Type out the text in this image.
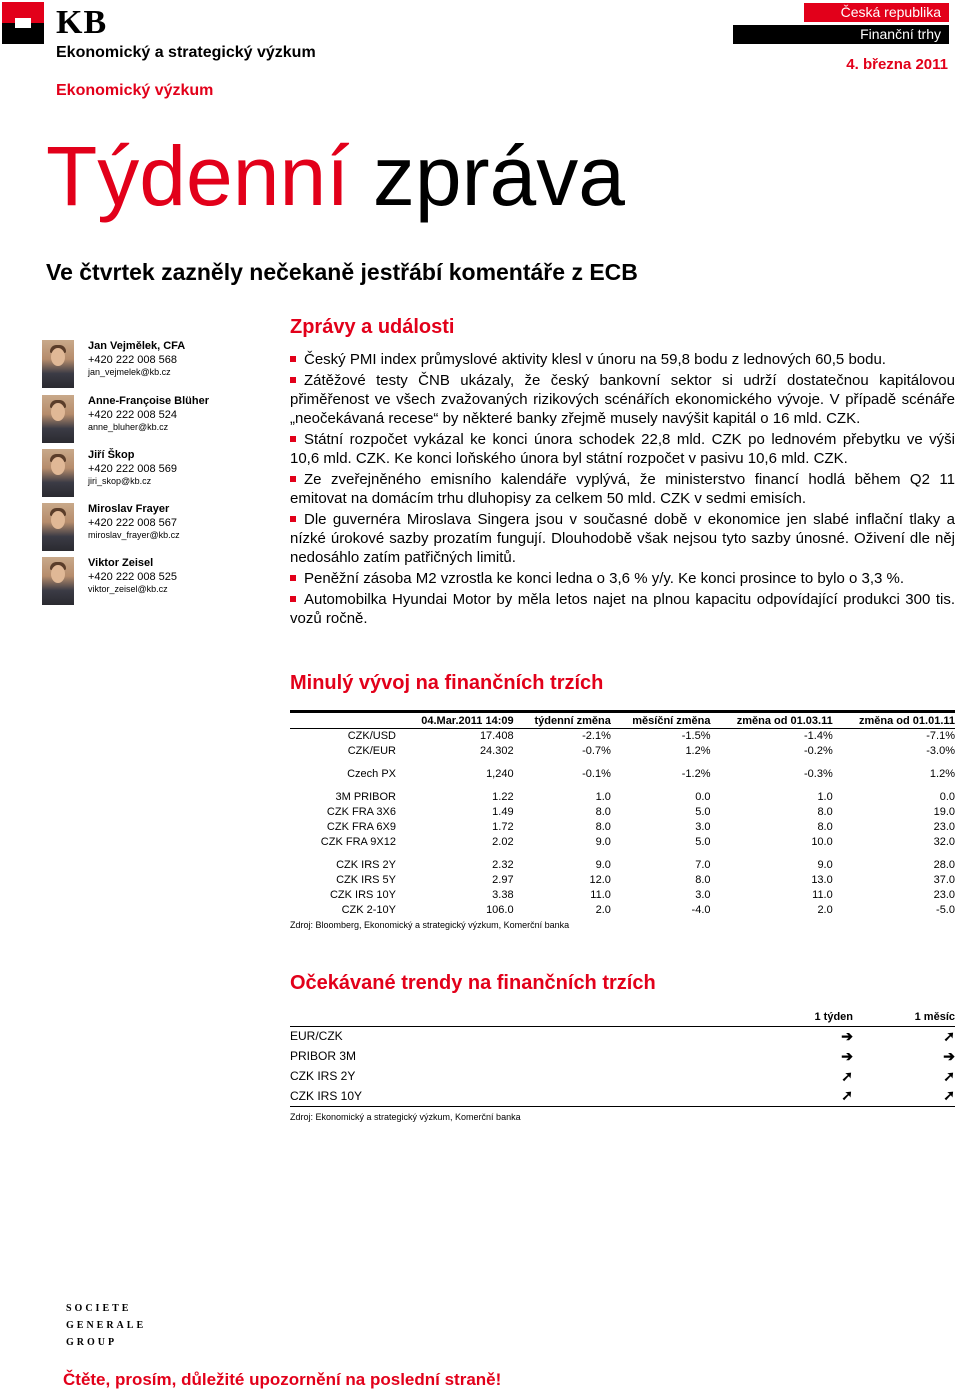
KB
Ekonomický a strategický výzkum
Ekonomický výzkum
Česká republika
Finanční trhy
4. března 2011
Týdenní zpráva
Ve čtvrtek zazněly nečekaně jestřábí komentáře z ECB
Jan Vejmělek, CFA
+420 222 008 568
jan_vejmelek@kb.cz
Anne-Françoise Blüher
+420 222 008 524
anne_bluher@kb.cz
Jiří Škop
+420 222 008 569
jiri_skop@kb.cz
Miroslav Frayer
+420 222 008 567
miroslav_frayer@kb.cz
Viktor Zeisel
+420 222 008 525
viktor_zeisel@kb.cz
Zprávy a události

Český PMI index průmyslové aktivity klesl v únoru na 59,8 bodu z lednových 60,5 bodu.

Zátěžové testy ČNB ukázaly, že český bankovní sektor si udrží dostatečnou kapitálovou přiměřenost ve všech zvažovaných rizikových scénářích ekonomického vývoje. V případě scénáře „neočekávaná recese“ by některé banky zřejmě musely navýšit kapitál o 16 mld. CZK.

Státní rozpočet vykázal ke konci února schodek 22,8 mld. CZK po lednovém přebytku ve výši 10,6 mld. CZK. Ke konci loňského února byl státní rozpočet v pasivu 10,6 mld. CZK.

Ze zveřejněného emisního kalendáře vyplývá, že ministerstvo financí hodlá během Q2 11 emitovat na domácím trhu dluhopisy za celkem 50 mld. CZK v sedmi emisích.

Dle guvernéra Miroslava Singera jsou v současné době v ekonomice jen slabé inflační tlaky a nízké úrokové sazby prozatím fungují. Dlouhodobě však nejsou tyto sazby únosné. Oživení dle něj nedosáhlo zatím patřičných limitů.

Peněžní zásoba M2 vzrostla ke konci ledna o 3,6 % y/y. Ke konci prosince to bylo o 3,3 %.

Automobilka Hyundai Motor by měla letos najet na plnou kapacitu odpovídající produkci 300 tis. vozů ročně.

Minulý vývoj na finančních trzích
	04.Mar.2011 14:09	týdenní změna	měsíční změna	změna od 01.03.11	změna od 01.01.11
CZK/USD	17.408	-2.1%	-1.5%	-1.4%	-7.1%
CZK/EUR	24.302	-0.7%	1.2%	-0.2%	-3.0%

Czech PX	1,240	-0.1%	-1.2%	-0.3%	1.2%

3M PRIBOR	1.22	1.0	0.0	1.0	0.0
CZK FRA 3X6	1.49	8.0	5.0	8.0	19.0
CZK FRA 6X9	1.72	8.0	3.0	8.0	23.0
CZK FRA 9X12	2.02	9.0	5.0	10.0	32.0

CZK IRS 2Y	2.32	9.0	7.0	9.0	28.0
CZK IRS 5Y	2.97	12.0	8.0	13.0	37.0
CZK IRS 10Y	3.38	11.0	3.0	11.0	23.0
CZK 2-10Y	106.0	2.0	-4.0	2.0	-5.0
Zdroj: Bloomberg, Ekonomický a strategický výzkum, Komerční banka
Očekávané trendy na finančních trzích
	1 týden	1 měsíc
EUR/CZK	➔	➚
PRIBOR 3M	➔	➔
CZK IRS 2Y	➚	➚
CZK IRS 10Y	➚	➚
Zdroj: Ekonomický a strategický výzkum, Komerční banka
SOCIETE
GENERALE
GROUP
Čtěte, prosím, důležité upozornění na poslední straně!
